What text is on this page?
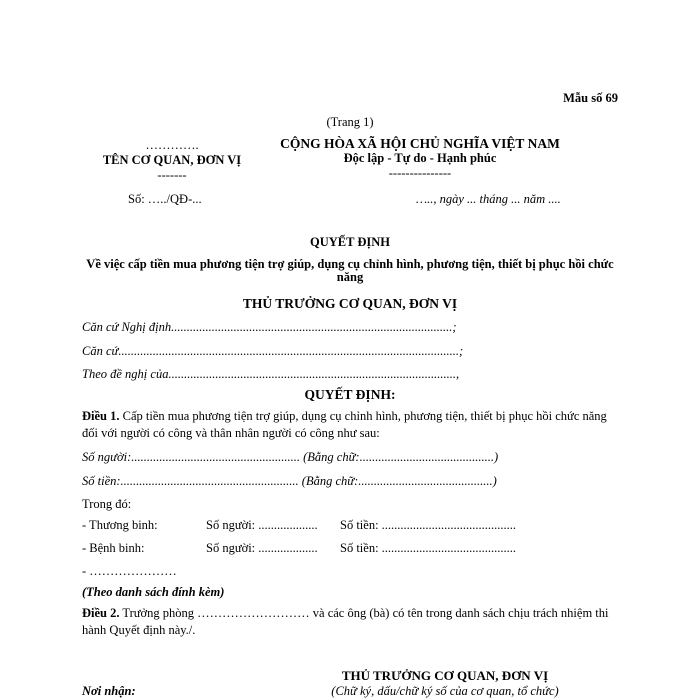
Mẫu số 69
(Trang 1)
………….
TÊN CƠ QUAN, ĐƠN VỊ
-------
CỘNG HÒA XÃ HỘI CHỦ NGHĨA VIỆT NAM
Độc lập - Tự do - Hạnh phúc
---------------
Số: …../QĐ-...	….., ngày ... tháng ... năm ....
QUYẾT ĐỊNH
Về việc cấp tiền mua phương tiện trợ giúp, dụng cụ chỉnh hình, phương tiện, thiết bị phục hồi chức năng
THỦ TRƯỞNG CƠ QUAN, ĐƠN VỊ
Căn cứ Nghị định..........................................................................................;
Căn cứ.............................................................................................................;
Theo đề nghị của............................................................................................,
QUYẾT ĐỊNH:
Điều 1. Cấp tiền mua phương tiện trợ giúp, dụng cụ chỉnh hình, phương tiện, thiết bị phục hồi chức năng đối với người có công và thân nhân người có công như sau:
Số người:...................................................... (Bằng chữ:...........................................)
Số tiền:......................................................... (Bằng chữ:...........................................)
Trong đó:
- Thương binh:	Số người: ................... Số tiền: ...........................................
- Bệnh binh:	Số người: ................... Số tiền: ...........................................
- …………………
(Theo danh sách đính kèm)
Điều 2. Trưởng phòng ……………………… và các ông (bà) có tên trong danh sách chịu trách nhiệm thi hành Quyết định này./.
THỦ TRƯỞNG CƠ QUAN, ĐƠN VỊ
(Chữ ký, dấu/chữ ký số của cơ quan, tổ chức)
Nơi nhận:
